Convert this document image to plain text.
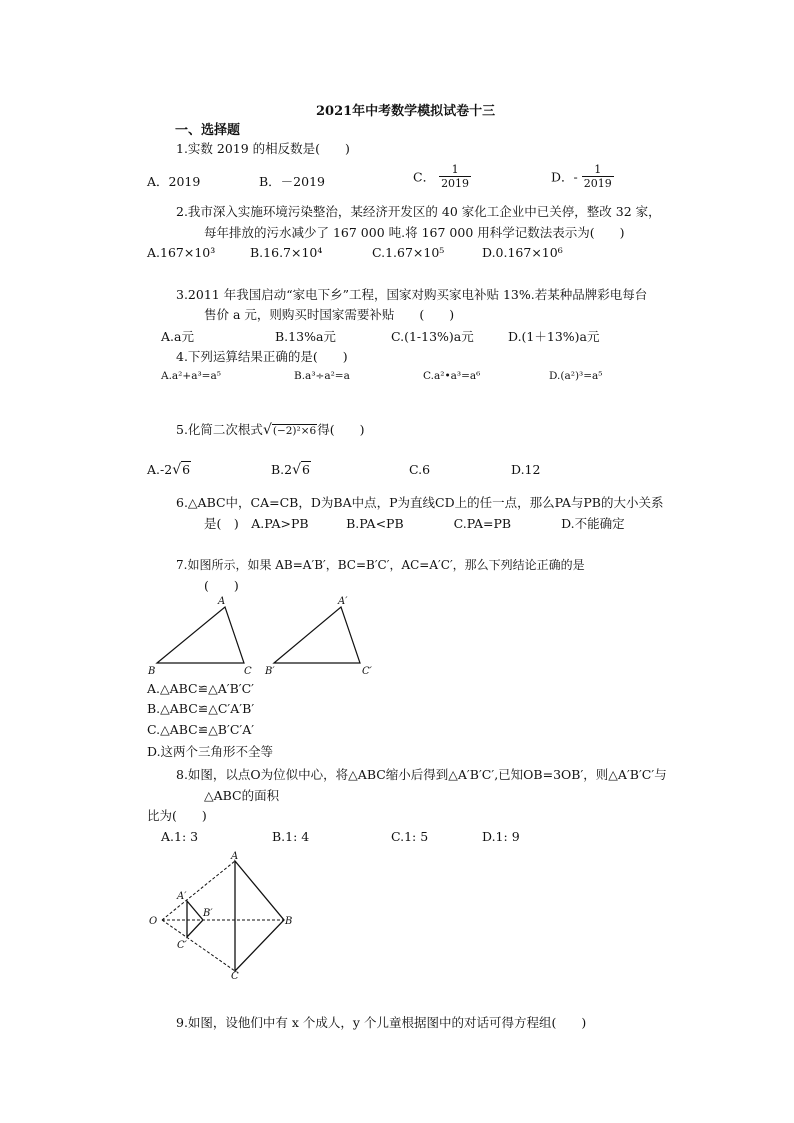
2021年中考数学模拟试卷十三
一、选择题
1.实数 2019 的相反数是(　　)
A．2019	B．－2019	C． $\frac{1}{2019}$	D．- $\frac{1}{2019}$
2.我市深入实施环境污染整治，某经济开发区的 40 家化工企业中已关停，整改 32 家，
每年排放的污水减少了 167 000 吨.将 167 000 用科学记数法表示为(　　)
A.167×10³	B.16.7×10⁴	C.1.67×10⁵	D.0.167×10⁶
3.2011 年我国启动“家电下乡”工程，国家对购买家电补贴 13%.若某种品牌彩电每台
售价 a 元，则购买时国家需要补贴　　(　　)
A.a元	B.13%a元	C.(1-13%)a元	D.(1＋13%)a元
4.下列运算结果正确的是(　　)
A.a²+a³=a⁵	B.a³÷a²=a	C.a²•a³=a⁶	D.(a²)³=a⁵
5.化简二次根式√(−2)²×6得(　　)
A.-2√6	B.2√6	C.6	D.12
6.△ABC中，CA=CB，D为BA中点，P为直线CD上的任一点，那么PA与PB的大小关系
是(　)　A.PA>PB　　　B.PA<PB　　　　C.PA=PB　　　　D.不能确定
7.如图所示，如果 AB=A′B′，BC=B′C′，AC=A′C′，那么下列结论正确的是
(　　)
A
B	C
A′
B′	C′
A.△ABC≌△A′B′C′
B.△ABC≌△C′A′B′
C.△ABC≌△B′C′A′
D.这两个三角形不全等
8.如图，以点O为位似中心，将△ABC缩小后得到△A′B′C′,已知OB=3OB′，则△A′B′C′与
△ABC的面积
比为(　　)
A.1: 3	B.1: 4	C.1: 5	D.1: 9
O
A
B
C
A′
B′
C′
9.如图，设他们中有 x 个成人，y 个儿童根据图中的对话可得方程组(　　)
